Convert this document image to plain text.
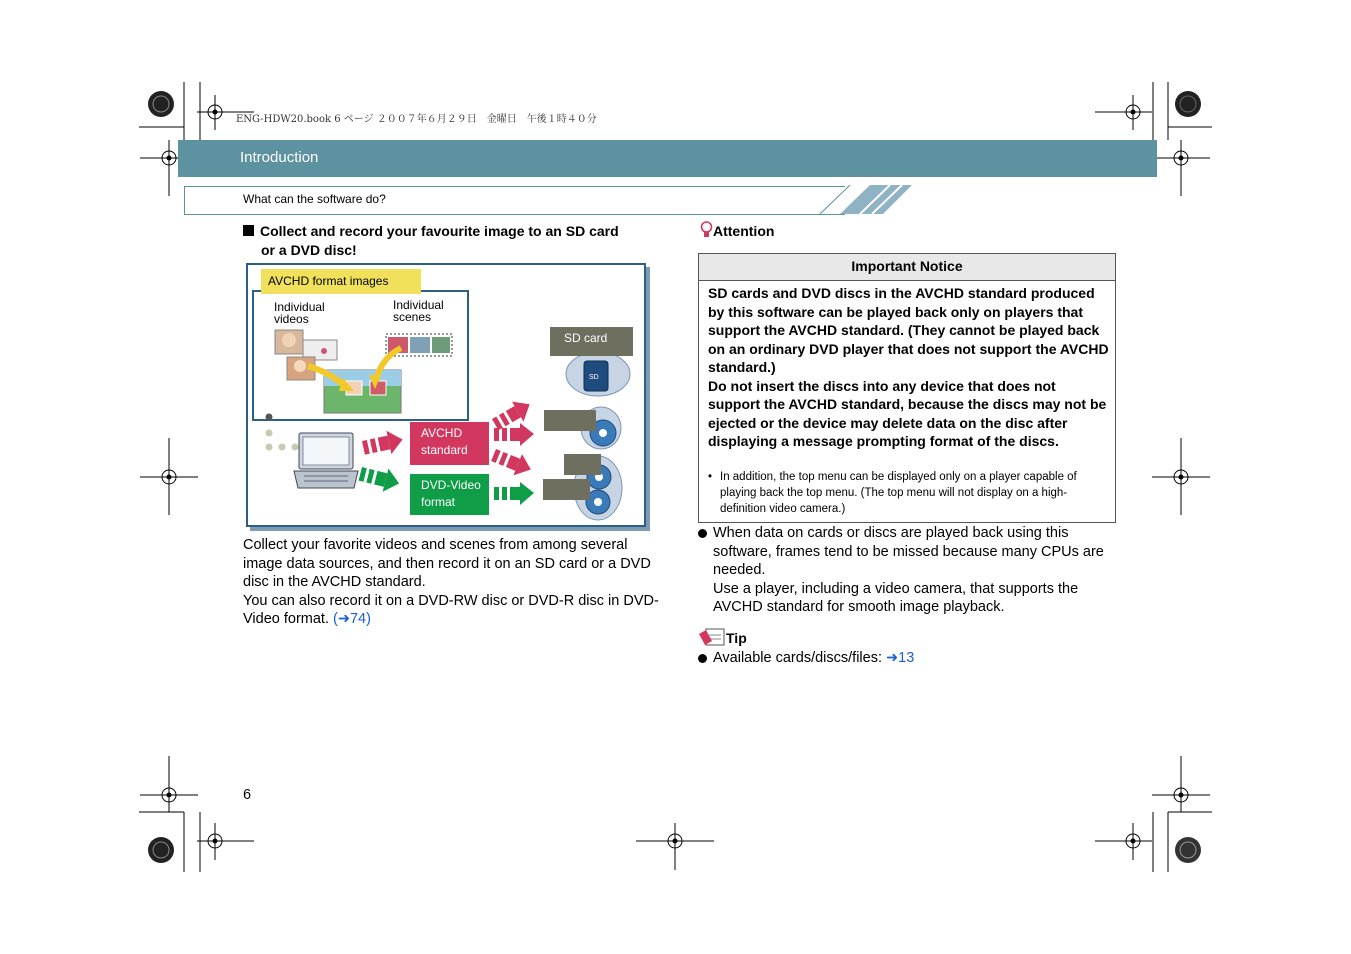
ENG-HDW20.book 6 ページ ２００７年６月２９日　金曜日　午後１時４０分
Introduction
What can the software do?
Collect and record your favourite image to an SD card
or a DVD disc!
AVCHD format images
Individual videos
Individual scenes
SD
SD card
AVCHD standard
DVD-Video format
Collect your favorite videos and scenes from among several image data sources, and then record it on an SD card or a DVD disc in the AVCHD standard.
You can also record it on a DVD-RW disc or DVD-R disc in DVD-Video format. (➜74)
Attention
Important Notice
SD cards and DVD discs in the AVCHD standard produced by this software can be played back only on players that support the AVCHD standard. (They cannot be played back on an ordinary DVD player that does not support the AVCHD standard.)
Do not insert the discs into any device that does not support the AVCHD standard, because the discs may not be ejected or the device may delete data on the disc after displaying a message prompting format of the discs.
• In addition, the top menu can be displayed only on a player capable of playing back the top menu. (The top menu will not display on a high-definition video camera.)
When data on cards or discs are played back using this software, frames tend to be missed because many CPUs are needed.
Use a player, including a video camera, that supports the AVCHD standard for smooth image playback.
Tip
Available cards/discs/files: ➜13
6
